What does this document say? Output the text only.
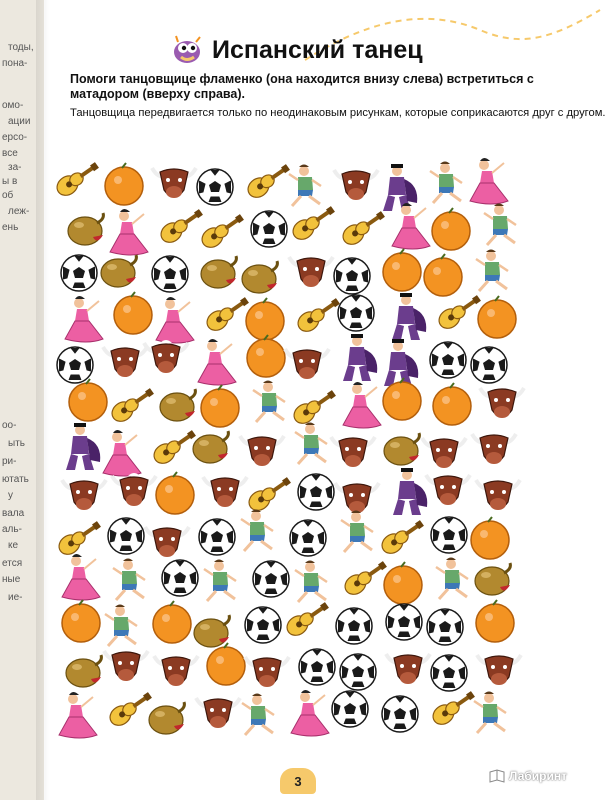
тоды,
пона-
омо-
ации
ерсо-
все
за-
ы в
об
леж-
ень
оо-
ыть
ри-
ютать
у
вала
аль-
ке
ется
ные
ие-
Испанский танец
Помоги танцовщице фламенко (она находится внизу слева) встретиться с матадором (вверху справа).
Танцовщица передвигается только по неодинаковым рисункам, которые соприкасаются друг с другом.
3	Лабиринт
